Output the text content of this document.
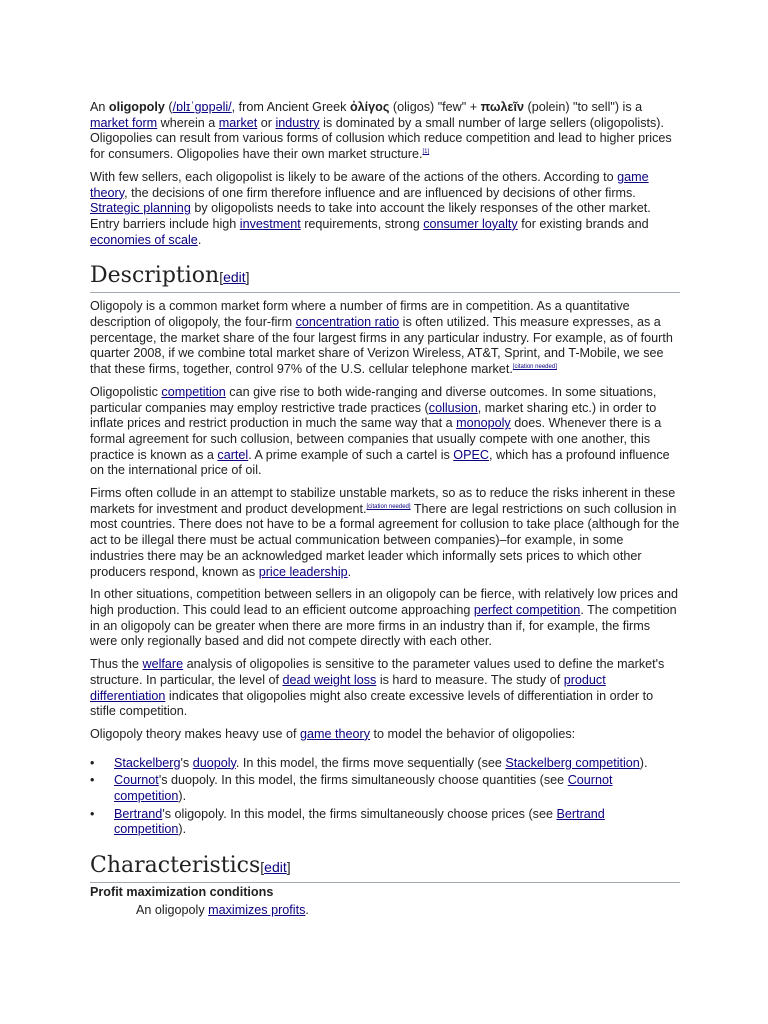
An oligopoly (/ɒlɪˈɡɒpəli/, from Ancient Greek ὀλίγος (oligos) "few" + πωλεῖν (polein) "to sell") is a market form wherein a market or industry is dominated by a small number of large sellers (oligopolists). Oligopolies can result from various forms of collusion which reduce competition and lead to higher prices for consumers. Oligopolies have their own market structure.[1]

With few sellers, each oligopolist is likely to be aware of the actions of the others. According to game theory, the decisions of one firm therefore influence and are influenced by decisions of other firms. Strategic planning by oligopolists needs to take into account the likely responses of the other market. Entry barriers include high investment requirements, strong consumer loyalty for existing brands and economies of scale.

Description[edit]

Oligopoly is a common market form where a number of firms are in competition. As a quantitative description of oligopoly, the four-firm concentration ratio is often utilized. This measure expresses, as a percentage, the market share of the four largest firms in any particular industry. For example, as of fourth quarter 2008, if we combine total market share of Verizon Wireless, AT&T, Sprint, and T-Mobile, we see that these firms, together, control 97% of the U.S. cellular telephone market.[citation needed]

Oligopolistic competition can give rise to both wide-ranging and diverse outcomes. In some situations, particular companies may employ restrictive trade practices (collusion, market sharing etc.) in order to inflate prices and restrict production in much the same way that a monopoly does. Whenever there is a formal agreement for such collusion, between companies that usually compete with one another, this practice is known as a cartel. A prime example of such a cartel is OPEC, which has a profound influence on the international price of oil.

Firms often collude in an attempt to stabilize unstable markets, so as to reduce the risks inherent in these markets for investment and product development.[citation needed] There are legal restrictions on such collusion in most countries. There does not have to be a formal agreement for collusion to take place (although for the act to be illegal there must be actual communication between companies)–for example, in some industries there may be an acknowledged market leader which informally sets prices to which other producers respond, known as price leadership.

In other situations, competition between sellers in an oligopoly can be fierce, with relatively low prices and high production. This could lead to an efficient outcome approaching perfect competition. The competition in an oligopoly can be greater when there are more firms in an industry than if, for example, the firms were only regionally based and did not compete directly with each other.

Thus the welfare analysis of oligopolies is sensitive to the parameter values used to define the market's structure. In particular, the level of dead weight loss is hard to measure. The study of product differentiation indicates that oligopolies might also create excessive levels of differentiation in order to stifle competition.

Oligopoly theory makes heavy use of game theory to model the behavior of oligopolies:

• Stackelberg's duopoly. In this model, the firms move sequentially (see Stackelberg competition).
• Cournot's duopoly. In this model, the firms simultaneously choose quantities (see Cournot competition).
• Bertrand's oligopoly. In this model, the firms simultaneously choose prices (see Bertrand competition).
Characteristics[edit]
Profit maximization conditions
An oligopoly maximizes profits.
